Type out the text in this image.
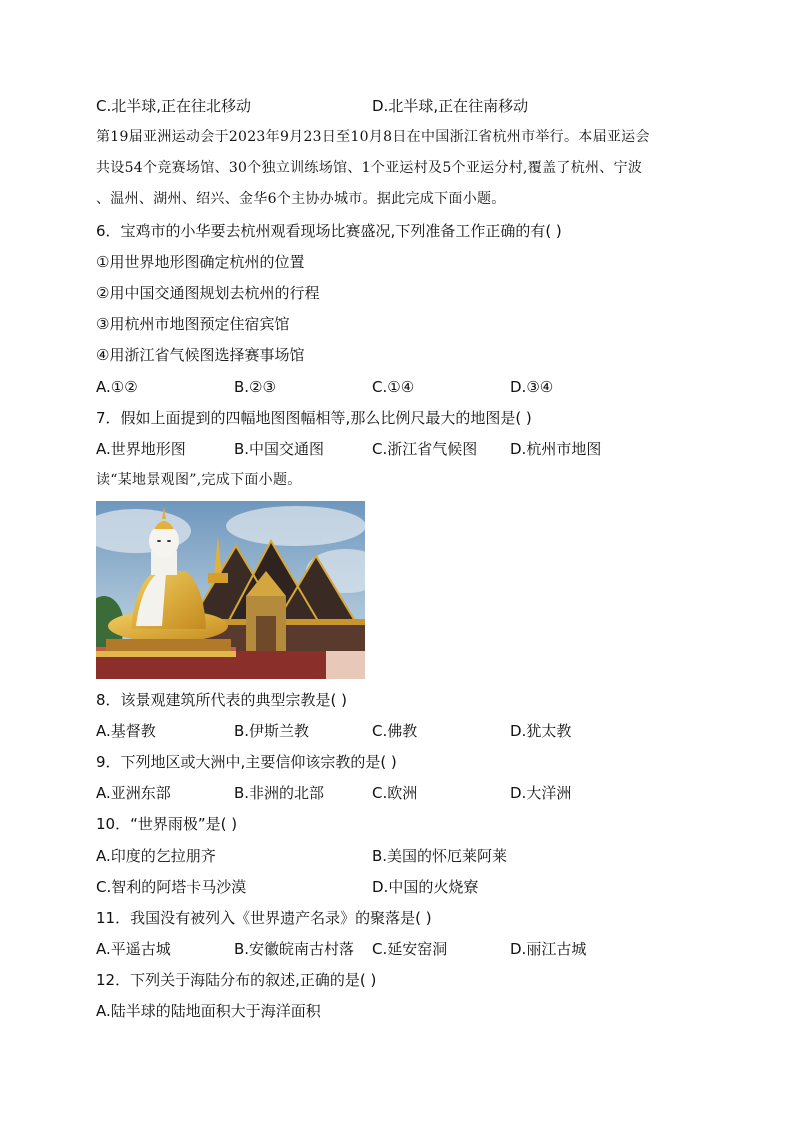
C.北半球,正在往北移动	D.北半球,正在往南移动
第19届亚洲运动会于2023年9月23日至10月8日在中国浙江省杭州市举行。本届亚运会
共设54个竞赛场馆、30个独立训练场馆、1个亚运村及5个亚运分村,覆盖了杭州、宁波
、温州、湖州、绍兴、金华6个主协办城市。据此完成下面小题。
6．宝鸡市的小华要去杭州观看现场比赛盛况,下列准备工作正确的有( )
①用世界地形图确定杭州的位置
②用中国交通图规划去杭州的行程
③用杭州市地图预定住宿宾馆
④用浙江省气候图选择赛事场馆
A.①②	B.②③	C.①④	D.③④
7．假如上面提到的四幅地图图幅相等,那么比例尺最大的地图是( )
A.世界地形图	B.中国交通图	C.浙江省气候图 D.杭州市地图
读“某地景观图”,完成下面小题。
8．该景观建筑所代表的典型宗教是( )
A.基督教	B.伊斯兰教	C.佛教	D.犹太教
9．下列地区或大洲中,主要信仰该宗教的是( )
A.亚洲东部	B.非洲的北部	C.欧洲	D.大洋洲
10．“世界雨极”是( )
A.印度的乞拉朋齐	B.美国的怀厄莱阿莱
C.智利的阿塔卡马沙漠	D.中国的火烧寮
11．我国没有被列入《世界遗产名录》的聚落是( )
A.平遥古城	B.安徽皖南古村落 C.延安窑洞	D.丽江古城
12．下列关于海陆分布的叙述,正确的是( )
A.陆半球的陆地面积大于海洋面积
